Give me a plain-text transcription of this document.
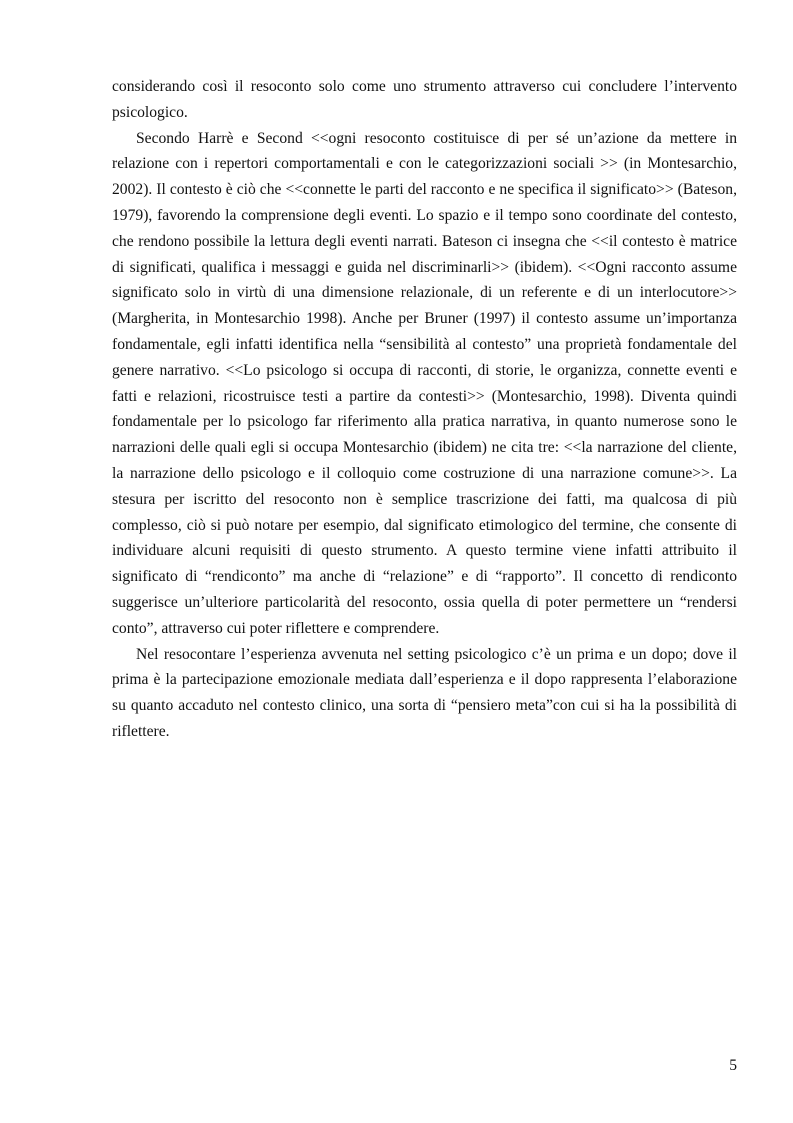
considerando così il resoconto solo come uno strumento attraverso cui concludere l’intervento psicologico.

Secondo Harrè e Second <<ogni resoconto costituisce di per sé un’azione da mettere in relazione con i repertori comportamentali e con le categorizzazioni sociali >> (in Montesarchio, 2002). Il contesto è ciò che <<connette le parti del racconto e ne specifica il significato>> (Bateson, 1979), favorendo la comprensione degli eventi. Lo spazio e il tempo sono coordinate del contesto, che rendono possibile la lettura degli eventi narrati. Bateson ci insegna che <<il contesto è matrice di significati, qualifica i messaggi e guida nel discriminarli>> (ibidem). <<Ogni racconto assume significato solo in virtù di una dimensione relazionale, di un referente e di un interlocutore>> (Margherita, in Montesarchio 1998). Anche per Bruner (1997) il contesto assume un’importanza fondamentale, egli infatti identifica nella “sensibilità al contesto” una proprietà fondamentale del genere narrativo. <<Lo psicologo si occupa di racconti, di storie, le organizza, connette eventi e fatti e relazioni, ricostruisce testi a partire da contesti>> (Montesarchio, 1998). Diventa quindi fondamentale per lo psicologo far riferimento alla pratica narrativa, in quanto numerose sono le narrazioni delle quali egli si occupa Montesarchio (ibidem) ne cita tre: <<la narrazione del cliente, la narrazione dello psicologo e il colloquio come costruzione di una narrazione comune>>. La stesura per iscritto del resoconto non è semplice trascrizione dei fatti, ma qualcosa di più complesso, ciò si può notare per esempio, dal significato etimologico del termine, che consente di individuare alcuni requisiti di questo strumento. A questo termine viene infatti attribuito il significato di “rendiconto” ma anche di “relazione” e di “rapporto”. Il concetto di rendiconto suggerisce un’ulteriore particolarità del resoconto, ossia quella di poter permettere un “rendersi conto”, attraverso cui poter riflettere e comprendere.

Nel resocontare l’esperienza avvenuta nel setting psicologico c’è un prima e un dopo; dove il prima è la partecipazione emozionale mediata dall’esperienza e il dopo rappresenta l’elaborazione su quanto accaduto nel contesto clinico, una sorta di “pensiero meta”con cui si ha la possibilità di riflettere.

5
